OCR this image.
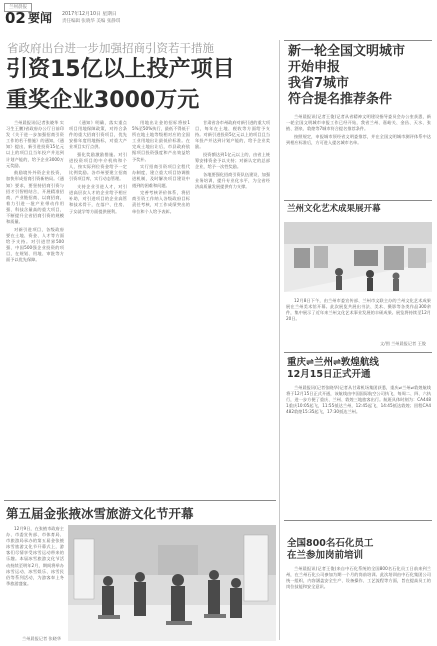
兰州晨报
02 要闻 2017年12月10日 星期日
责任编辑 张晓华 美编 张静琪
省政府出台进一步加强招商引资若干措施
引资15亿以上投产项目
重奖企业3000万元

兰州晨报讯(记者张晓华 实习生王鹏)省政府办公厅日前印发《关于进一步加强招商引资工作的若干措施》的通知，《通知》提出，新引进投资15亿元以上的项目且当年投产并达到计划产能的，给予企业3000万元奖励。

鼓励境外外资企业投资，加快形成招商引资新格局。《通知》要求，要坚持招商引资与招才引智相结合，开展精准招商、产业链招商、以商招商，着力引进一批产业带动作用强、科技含量高的重大项目，不断提升全省招商引资的规模和质量。

对新引进项目，各级政府要在土地、资金、人才等方面给予支持。对引进世界500强、中国500强企业投资的项目，在规划、用地、审批等方面予以优先保障。

《通知》明确，落实重点项目用地保障政策，对符合条件的重大招商引资项目，优先安排年度用地指标，对重大产业项目实行点供。

强化奖励激励措施。对引进投资项目的中介机构和个人，按实际到位资金给予一定比例奖励。各市州要建立招商引资项目库，实行动态管理。

支持企业引进人才，对引进高层次人才的企业给予相应补助，对引进项目的企业高管和技术骨干，在落户、住房、子女就学等方面提供便利。

用地出让金的招标将按15%至50%执行，最低不得低于所在地土地等级相对应的全国工业用地出让最低价标准。在完成土地出让后，市县政府依据项目投资强度和产出效益给予奖补。

实行招商引资项目全程代办制度，建立重大项目协调推进机制，及时解决项目建设中遇到的困难和问题。

完善考核评价体系，将招商引资工作纳入各级政府目标责任考核，对工作成绩突出的单位和个人给予表彰。

甘肃省各市州政府对新引进的重大项目，每年在土地、税收等方面给予支持。对新引进投资5亿元以上的项目且当年投产并达到计划产能的，给予企业奖励。

投资额达到1亿元以上的，由省上统筹安排资金予以支持；对新认定的总部企业，给予一次性奖励。

各地要强化招商引资队伍建设，加强业务培训，提升专业化水平，为全省经济高质量发展提供有力支撑。

新一轮全国文明城市
开始申报
我省7城市
符合提名推荐条件

兰州晨报讯(记者王俊)记者从省精神文明建设指导委员会办公室获悉，新一轮全国文明城市申报工作已经开始，我省兰州、嘉峪关、金昌、天水、张掖、酒泉、敦煌等7城市符合提名推荐条件。

按照规定，申报城市须经省文明委推荐，并在全国文明城市测评体系中达到相应标准后，方可进入提名城市名单。

兰州文化艺术成果展开幕
12月8日下午，由兰州市委宣传部、兰州市文联主办的兰州文化艺术成果展在兰州美术馆开幕。此次展览共展出书法、美术、摄影等各类作品300余件，集中展示了近年来兰州文化艺术事业发展的丰硕成果。展览将持续至12月20日。
文/图 兰州晨报记者 王俊
重庆⇌兰州⇌敦煌航线
12月15日正式开通
兰州晨报讯(记者张晓华)记者从甘肃机场集团获悉，重庆⇌兰州⇌敦煌航线将于12月15日正式开通，该航线由中国国际航空公司执飞，每周二、四、六执行，进一步方便了重庆、兰州、敦煌三地旅客出行。航班具体时刻为：CA4481重庆10:05起飞，11:55抵达兰州，12:45起飞，14:45抵达敦煌；回程CA4482敦煌15:35起飞，17:30抵达兰州。
第五届金张掖冰雪旅游文化节开幕

12月9日，在张掖市政府主办、市委宣传部、市体育局、市旅游局承办的第五届金张掖冰雪旅游文化节开幕式上，游客们尽情享受冰雪运动带来的乐趣。本届冰雪旅游文化节活动持续至明年2月，期间将举办冰雪运动、冰雪娱乐、冰雪民俗等系列活动，为游客奉上冬季旅游盛宴。

兰州晨报记者 张晓华
全国800名石化员工
在兰参加岗前培训
兰州晨报讯(记者王俊)来自中石化系统的全国800名石化员工日前来到兰州，在兰州石化公司参加为期一个月的岗前培训。此次培训由中石化集团公司统一组织，内容涵盖安全生产、设备操作、工艺流程等方面，旨在提高员工的岗位技能和安全意识。
